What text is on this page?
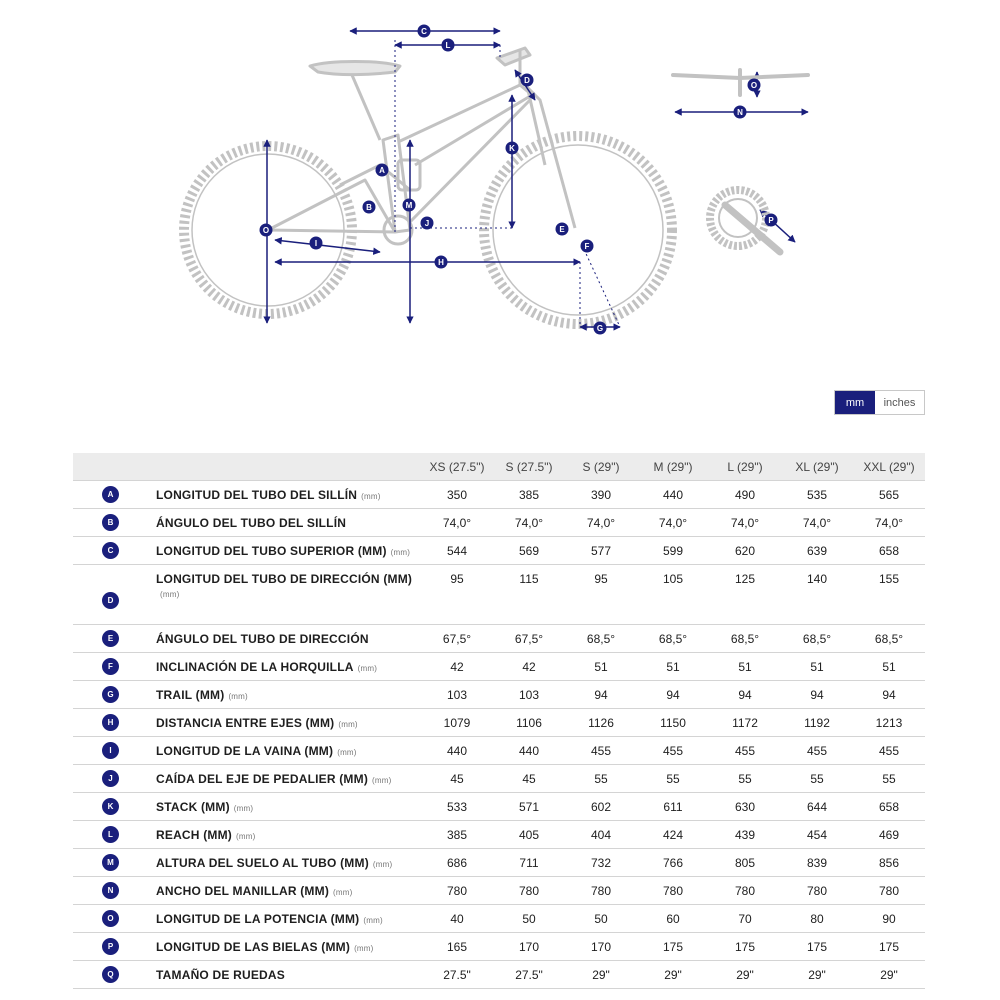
C
L
D
K
A
M
B
J
O
I
H
E
F
G
O
N
P
mm	inches
		XS (27.5")	S (27.5")	S (29")	M (29")	L (29")	XL (29")	XXL (29")
A	LONGITUD DEL TUBO DEL SILLÍN (mm)	350	385	390	440	490	535	565
B	ÁNGULO DEL TUBO DEL SILLÍN	74,0°	74,0°	74,0°	74,0°	74,0°	74,0°	74,0°
C	LONGITUD DEL TUBO SUPERIOR (MM) (mm)	544	569	577	599	620	639	658
D	LONGITUD DEL TUBO DE DIRECCIÓN (MM)(mm)	95	115	95	105	125	140	155
E	ÁNGULO DEL TUBO DE DIRECCIÓN	67,5°	67,5°	68,5°	68,5°	68,5°	68,5°	68,5°
F	INCLINACIÓN DE LA HORQUILLA (mm)	42	42	51	51	51	51	51
G	TRAIL (MM) (mm)	103	103	94	94	94	94	94
H	DISTANCIA ENTRE EJES (MM) (mm)	1079	1106	1126	1150	1172	1192	1213
I	LONGITUD DE LA VAINA (MM) (mm)	440	440	455	455	455	455	455
J	CAÍDA DEL EJE DE PEDALIER (MM) (mm)	45	45	55	55	55	55	55
K	STACK (MM) (mm)	533	571	602	611	630	644	658
L	REACH (MM) (mm)	385	405	404	424	439	454	469
M	ALTURA DEL SUELO AL TUBO (MM) (mm)	686	711	732	766	805	839	856
N	ANCHO DEL MANILLAR (MM) (mm)	780	780	780	780	780	780	780
O	LONGITUD DE LA POTENCIA (MM) (mm)	40	50	50	60	70	80	90
P	LONGITUD DE LAS BIELAS (MM) (mm)	165	170	170	175	175	175	175
Q	TAMAÑO DE RUEDAS	27.5"	27.5"	29"	29"	29"	29"	29"
